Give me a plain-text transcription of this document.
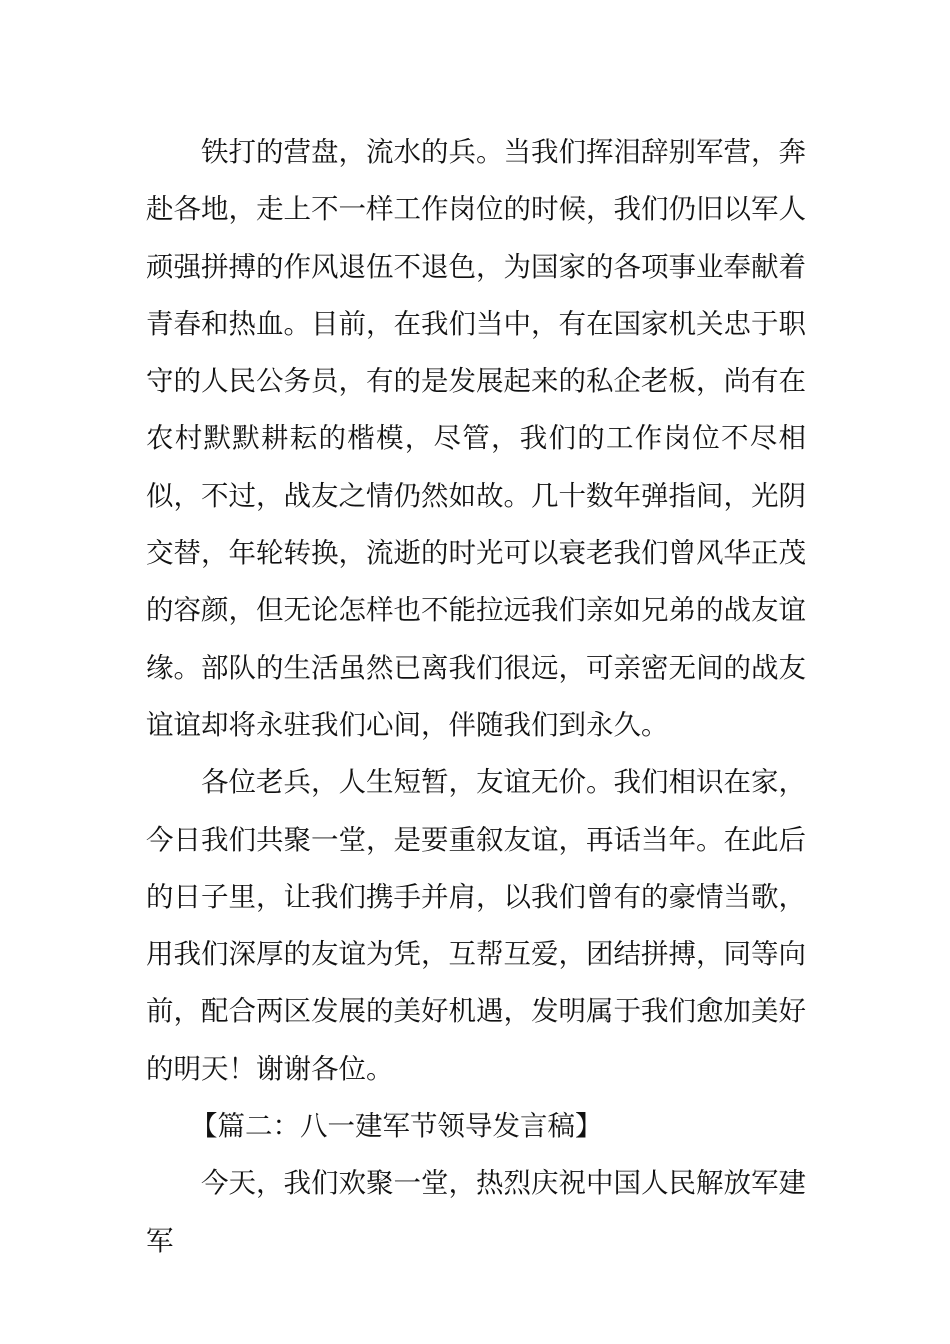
铁打的营盘，流水的兵。当我们挥泪辞别军营，奔赴各地，走上不一样工作岗位的时候，我们仍旧以军人顽强拼搏的作风退伍不退色，为国家的各项事业奉献着青春和热血。目前，在我们当中，有在国家机关忠于职守的人民公务员，有的是发展起来的私企老板，尚有在农村默默耕耘的楷模，尽管，我们的工作岗位不尽相似，不过，战友之情仍然如故。几十数年弹指间，光阴交替，年轮转换，流逝的时光可以衰老我们曾风华正茂的容颜，但无论怎样也不能拉远我们亲如兄弟的战友谊缘。部队的生活虽然已离我们很远，可亲密无间的战友谊谊却将永驻我们心间，伴随我们到永久。

各位老兵，人生短暂，友谊无价。我们相识在家，今日我们共聚一堂，是要重叙友谊，再话当年。在此后的日子里，让我们携手并肩，以我们曾有的豪情当歌，用我们深厚的友谊为凭，互帮互爱，团结拼搏，同等向前，配合两区发展的美好机遇，发明属于我们愈加美好的明天！谢谢各位。

【篇二：八一建军节领导发言稿】

今天，我们欢聚一堂，热烈庆祝中国人民解放军建军
